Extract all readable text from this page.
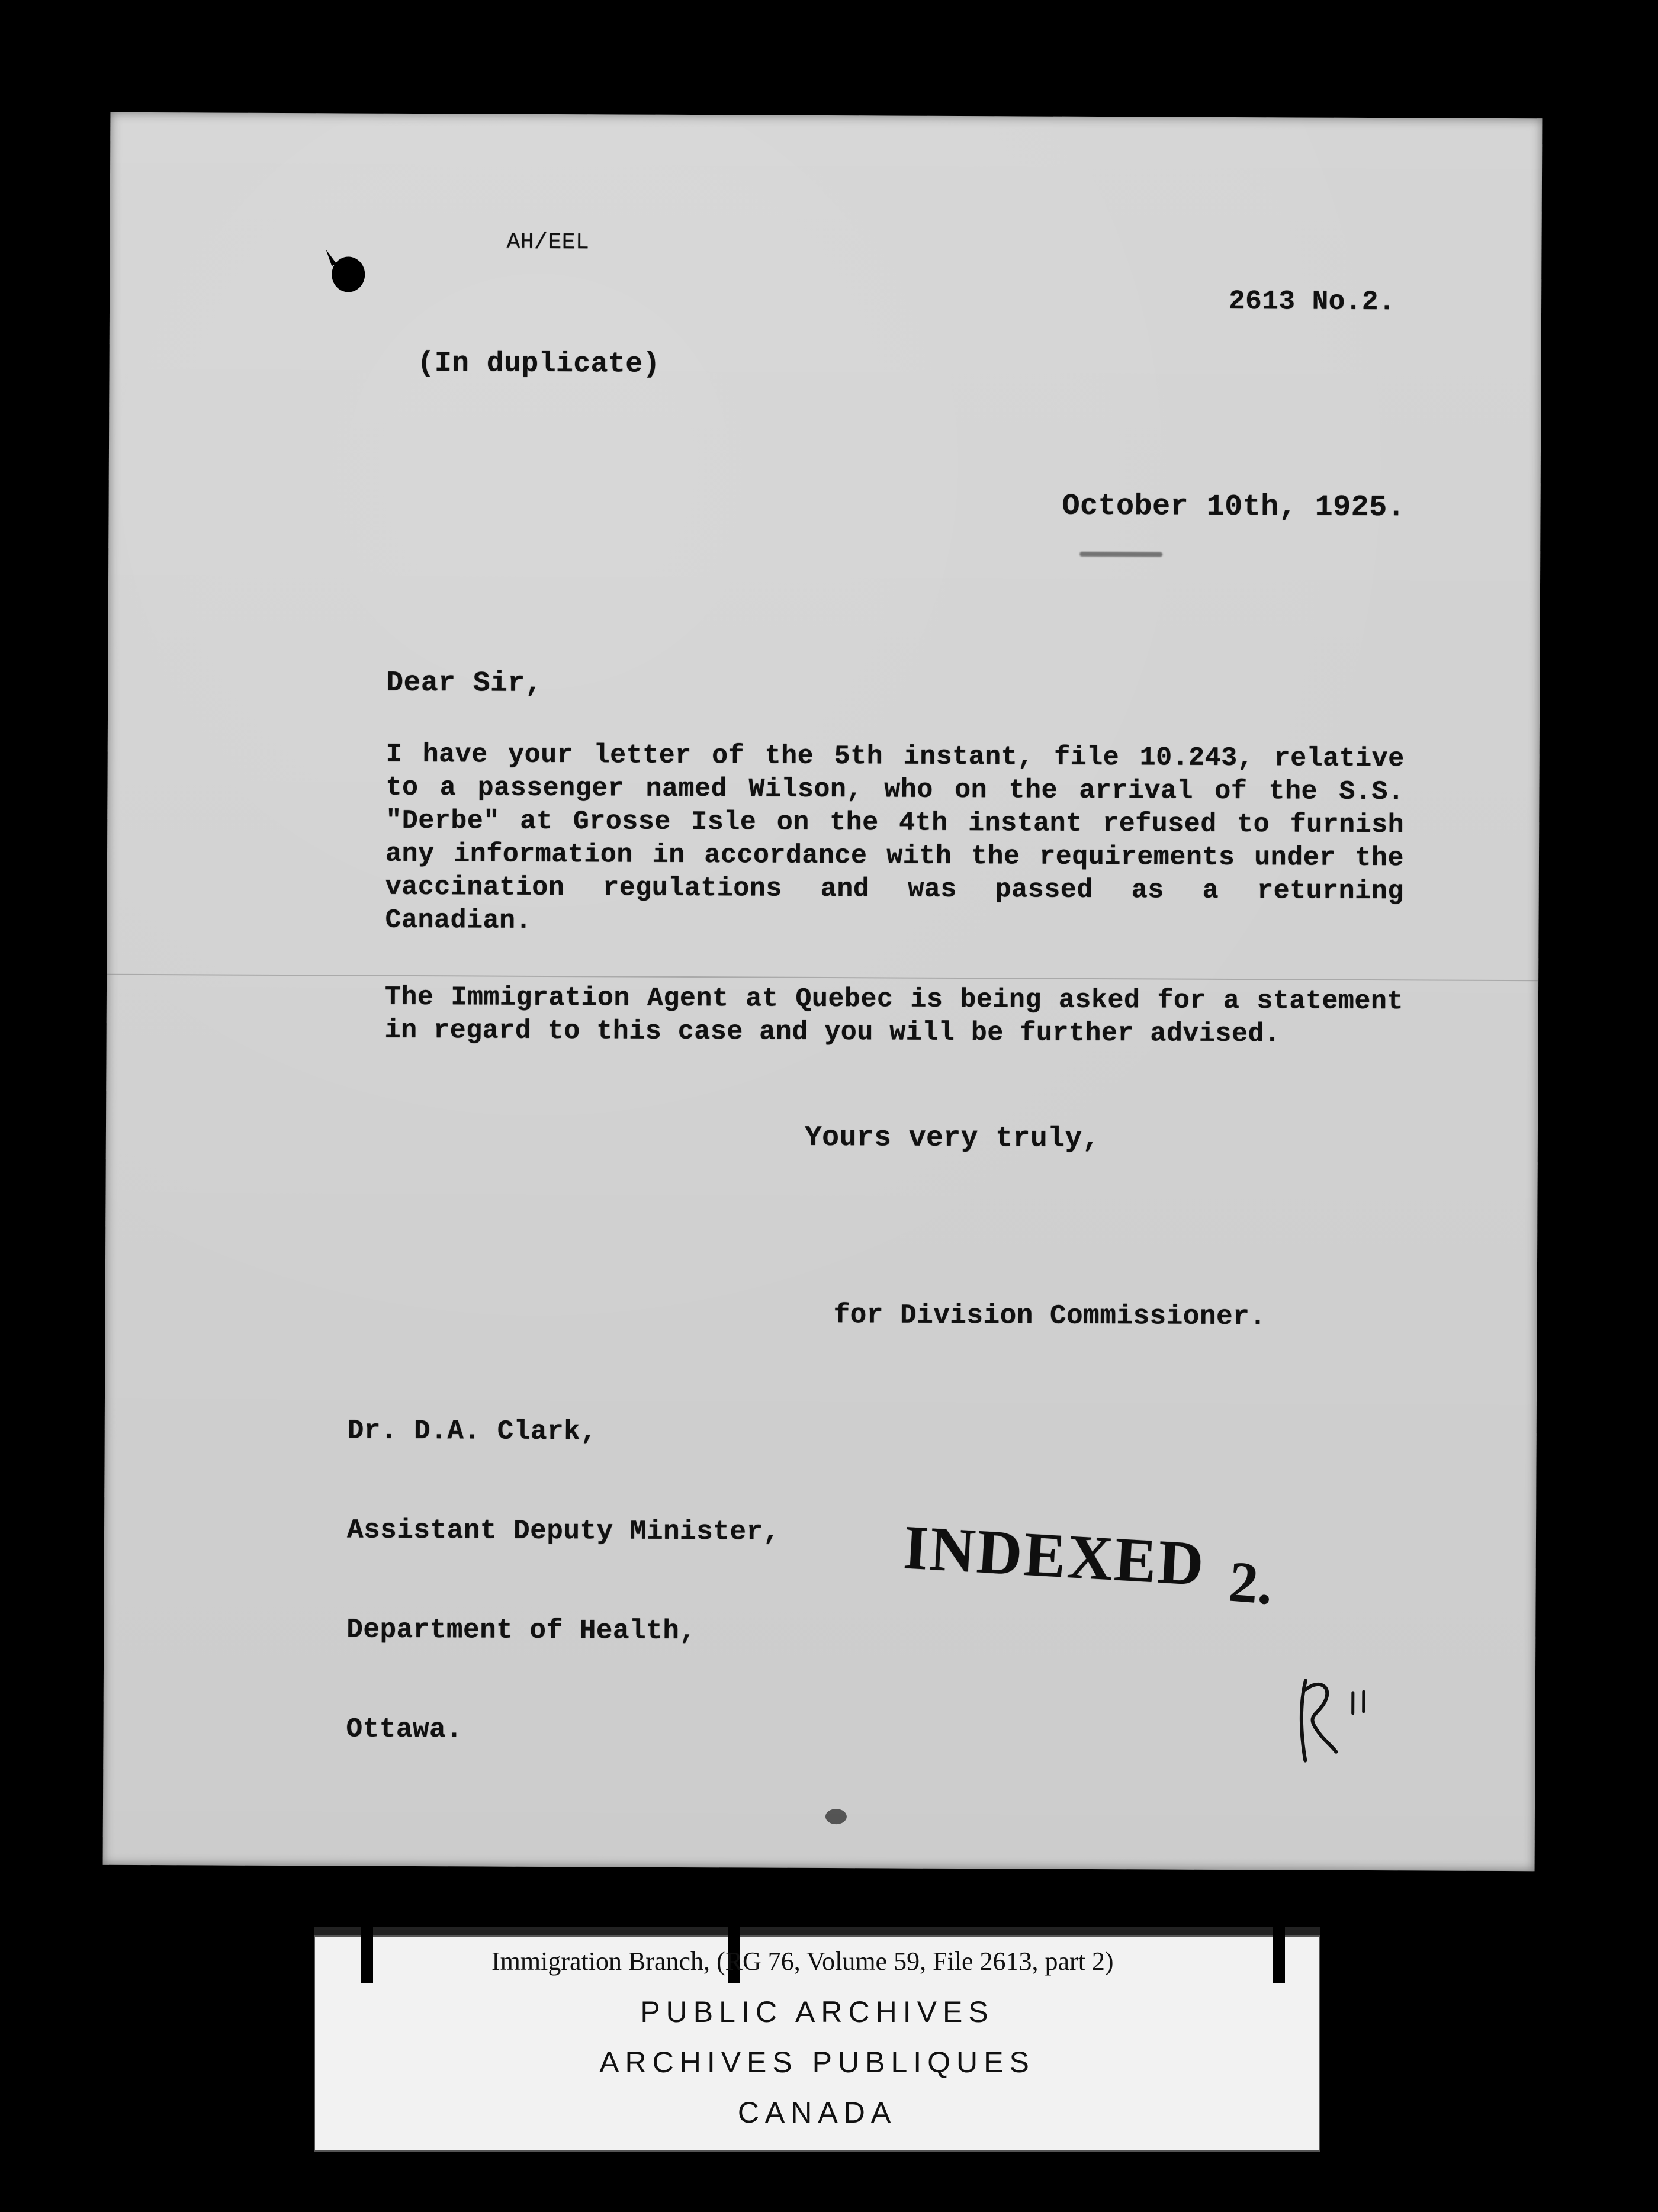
AH/EEL
2613 No.2.
(In duplicate)
October 10th, 1925.
Dear Sir,
I have your letter of the 5th instant, file 10.243, relative to a passenger named Wilson, who on the arrival of the S.S. "Derbe" at Grosse Isle on the 4th instant refused to furnish any information in accordance with the requirements under the vaccination regulations and was passed as a returning Canadian.
The Immigration Agent at Quebec is being asked for a statement in regard to this case and you will be further advised.
Yours very truly,
for Division Commissioner.

Dr. D.A. Clark,

Assistant Deputy Minister,

Department of Health,

Ottawa.

INDEXED 2.
Immigration Branch, (RG 76, Volume 59, File 2613, part 2)
PUBLIC ARCHIVES
ARCHIVES PUBLIQUES
CANADA
